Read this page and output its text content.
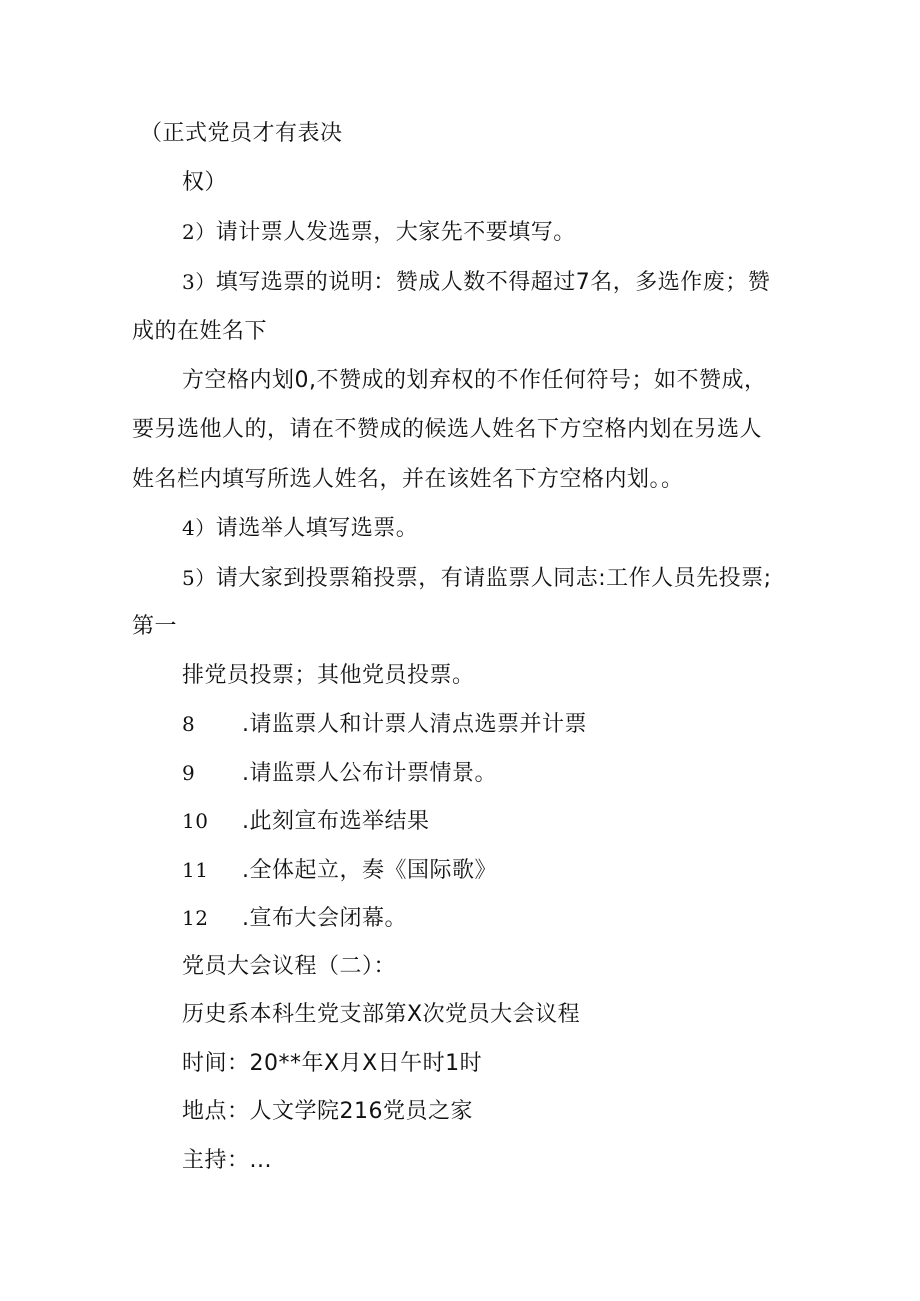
（正式党员才有表决
权）
2）请计票人发选票，大家先不要填写。
3）填写选票的说明：赞成人数不得超过7名，多选作废；赞
成的在姓名下
方空格内划0,不赞成的划弃权的不作任何符号；如不赞成，
要另选他人的，请在不赞成的候选人姓名下方空格内划在另选人
姓名栏内填写所选人姓名，并在该姓名下方空格内划。。
4）请选举人填写选票。
5）请大家到投票箱投票，有请监票人同志:工作人员先投票;
第一
排党员投票；其他党员投票。
8 .请监票人和计票人清点选票并计票
9 .请监票人公布计票情景。
10 .此刻宣布选举结果
11 .全体起立，奏《国际歌》
12 .宣布大会闭幕。
党员大会议程（二）：
历史系本科生党支部第X次党员大会议程
时间：20**年X月X日午时1时
地点：人文学院216党员之家
主持：...
